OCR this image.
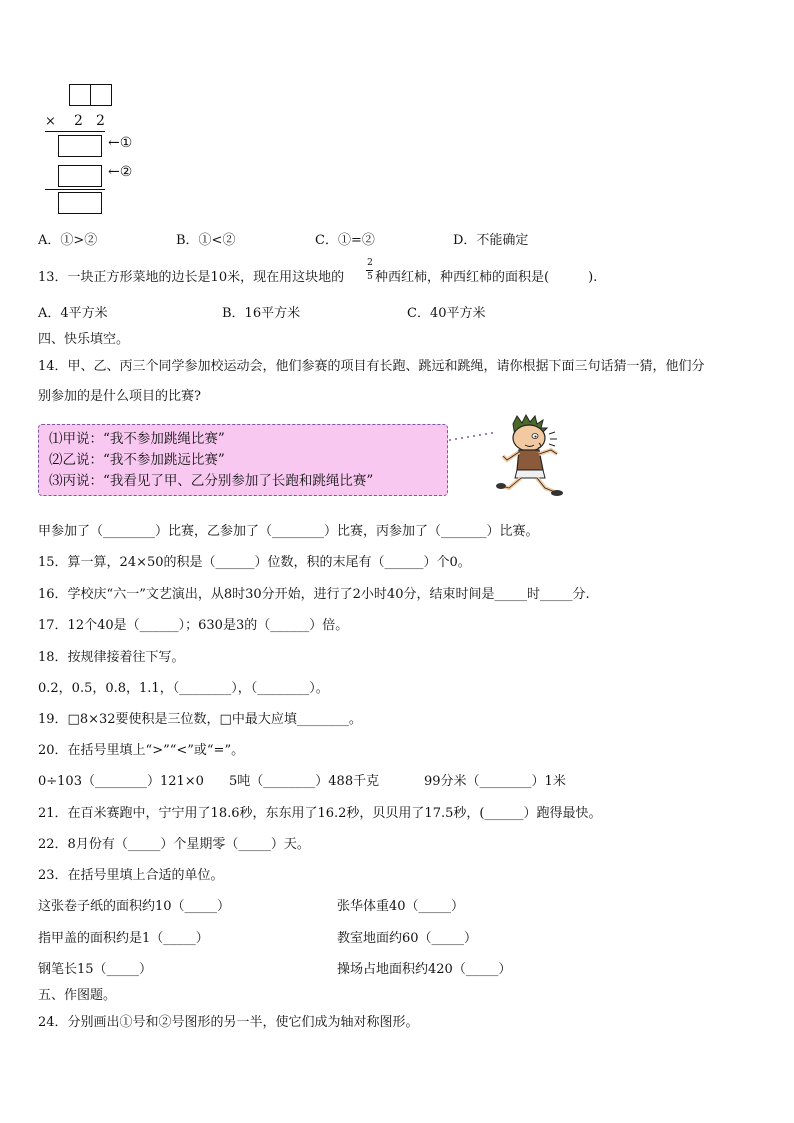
× 2 2
←①
←②
A．①>②	B．①<②	C．①=②	D．不能确定
13．一块正方形菜地的边长是10米，现在用这块地的
2
5 种西红柿，种西红柿的面积是(　　　).
A．4平方米	B．16平方米	C．40平方米
四、快乐填空。
14．甲、乙、丙三个同学参加校运动会，他们参赛的项目有长跑、跳远和跳绳，请你根据下面三句话猜一猜，他们分
别参加的是什么项目的比赛?
⑴甲说：“我不参加跳绳比赛”
⑵乙说：“我不参加跳远比赛”
⑶丙说：“我看见了甲、乙分别参加了长跑和跳绳比赛”
甲参加了（________）比赛，乙参加了（________）比赛，丙参加了（_______）比赛。
15．算一算，24×50的积是（______）位数，积的末尾有（______）个0。
16．学校庆“六一”文艺演出，从8时30分开始，进行了2小时40分，结束时间是_____时_____分.
17．12个40是（______）；630是3的（______）倍。
18．按规律接着往下写。
0.2，0.5，0.8，1.1，（________），（________）。
19．□8×32要使积是三位数，□中最大应填________。
20．在括号里填上“>”“<”或“=”。
0÷103（________）121×0 5吨（________）488千克	99分米（________）1米
21．在百米赛跑中，宁宁用了18.6秒，东东用了16.2秒，贝贝用了17.5秒，(______）跑得最快。
22．8月份有（_____）个星期零（_____）天。
23．在括号里填上合适的单位。
这张卷子纸的面积约10（_____）	张华体重40（_____）
指甲盖的面积约是1（_____）	教室地面约60（_____）
钢笔长15（_____）	操场占地面积约420（_____）
五、作图题。
24．分别画出①号和②号图形的另一半，使它们成为轴对称图形。
